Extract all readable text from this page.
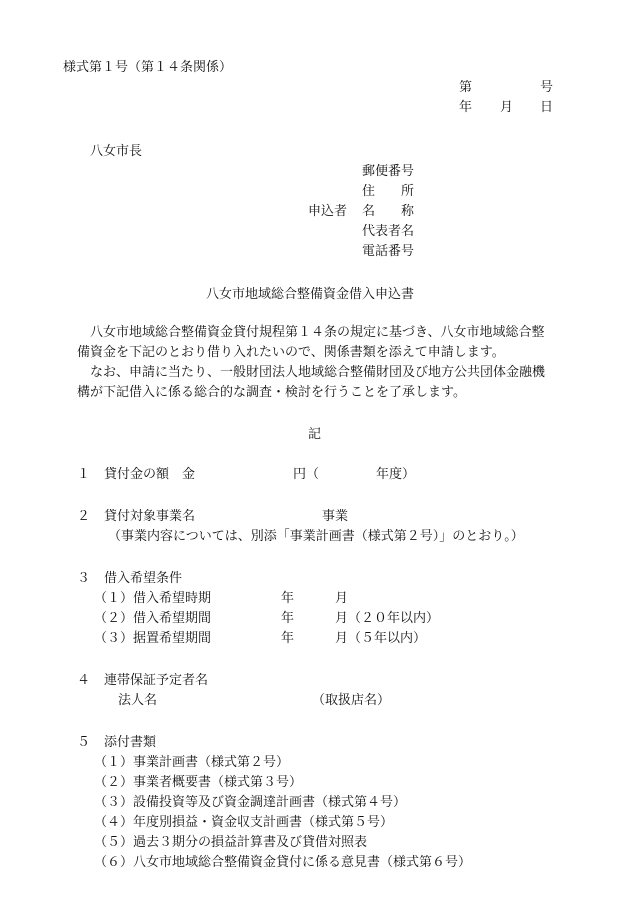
様式第１号（第１４条関係）
第	号
年 月 日
八女市長
郵便番号
住　　所
申込者 名　　称
代表者名
電話番号
八女市地域総合整備資金借入申込書
八女市地域総合整備資金貸付規程第１４条の規定に基づき、八女市地域総合整
備資金を下記のとおり借り入れたいので、関係書類を添えて申請します。
なお、申請に当たり、一般財団法人地域総合整備財団及び地方公共団体金融機
構が下記借入に係る総合的な調査・検討を行うことを了承します。
記
１ 貸付金の額　金	円（	年度）
２ 貸付対象事業名	事業
（事業内容については、別添「事業計画書（様式第２号）」のとおり。）
３ 借入希望条件
（１）借入希望時期	年	月
（２）借入希望期間	年	月（２０年以内）
（３）据置希望期間	年	月（５年以内）
４ 連帯保証予定者名
法人名	（取扱店名）
５ 添付書類
（１）事業計画書（様式第２号）
（２）事業者概要書（様式第３号）
（３）設備投資等及び資金調達計画書（様式第４号）
（４）年度別損益・資金収支計画書（様式第５号）
（５）過去３期分の損益計算書及び貸借対照表
（６）八女市地域総合整備資金貸付に係る意見書（様式第６号）
